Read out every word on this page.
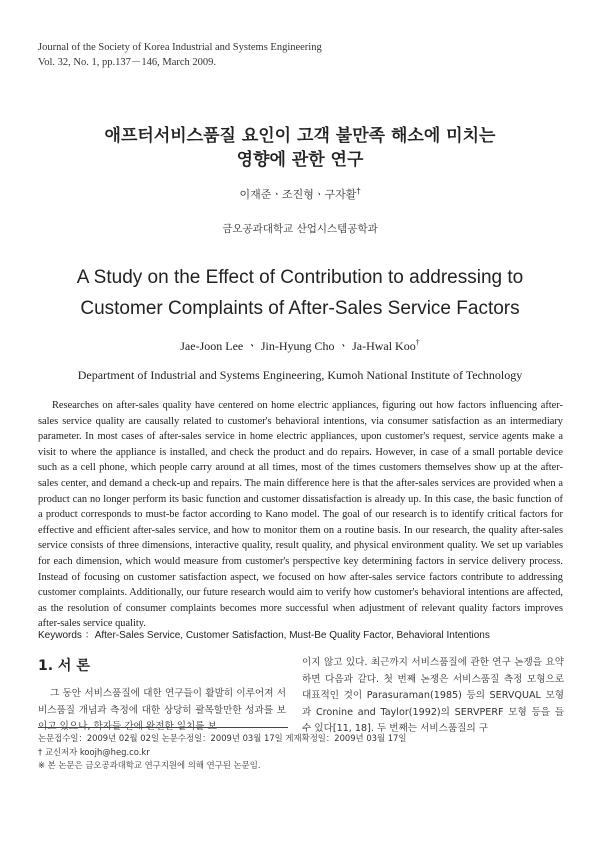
Journal of the Society of Korea Industrial and Systems Engineering
Vol. 32, No. 1, pp.137－146, March 2009.
애프터서비스품질 요인이 고객 불만족 해소에 미치는
영향에 관한 연구
이재준ㆍ조진형ㆍ구자활†
금오공과대학교 산업시스템공학과
A Study on the Effect of Contribution to addressing to
Customer Complaints of After-Sales Service Factors
Jae-Joon Lee ㆍ Jin-Hyung Cho ㆍ Ja-Hwal Koo†
Department of Industrial and Systems Engineering, Kumoh National Institute of Technology

Researches on after-sales quality have centered on home electric appliances, figuring out how factors influencing after-sales service quality are causally related to customer's behavioral intentions, via consumer satisfaction as an intermediary parameter. In most cases of after-sales service in home electric appliances, upon customer's request, service agents make a visit to where the appliance is installed, and check the product and do repairs. However, in case of a small portable device such as a cell phone, which people carry around at all times, most of the times customers themselves show up at the after-sales center, and demand a check-up and repairs. The main difference here is that the after-sales services are provided when a product can no longer perform its basic function and customer dissatisfaction is already up. In this case, the basic function of a product corresponds to must-be factor according to Kano model. The goal of our research is to identify critical factors for effective and efficient after-sales service, and how to monitor them on a routine basis. In our research, the quality after-sales service consists of three dimensions, interactive quality, result quality, and physical environment quality. We set up variables for each dimension, which would measure from customer's perspective key determining factors in service delivery process. Instead of focusing on customer satisfaction aspect, we focused on how after-sales service factors contribute to addressing customer complaints. Additionally, our future research would aim to verify how customer's behavioral intentions are affected, as the resolution of consumer complaints becomes more successful when adjustment of relevant quality factors improves after-sales service quality.

Keywords ：After-Sales Service, Customer Satisfaction, Must-Be Quality Factor, Behavioral Intentions
1. 서 론

그 동안 서비스품질에 대한 연구들이 활발히 이루어져 서비스품질 개념과 측정에 대한 상당히 괄목할만한 성과를 보이고 있으나, 학자들 간에 완전한 일치를 보

이지 않고 있다. 최근까지 서비스품질에 관한 연구 논쟁을 요약하면 다음과 같다. 첫 번째 논쟁은 서비스품질 측정 모형으로 대표적인 것이 Parasuraman(1985) 등의 SERVQUAL 모형과 Cronine and Taylor(1992)의 SERVPERF 모형 등을 들 수 있다[11, 18]. 두 번째는 서비스품질의 구

논문접수일：2009년 02월 02일 논문수정일：2009년 03월 17일 게재확정일：2009년 03월 17일
† 교신저자 koojh@heg.co.kr
※ 본 논문은 금오공과대학교 연구지원에 의해 연구된 논문임.
